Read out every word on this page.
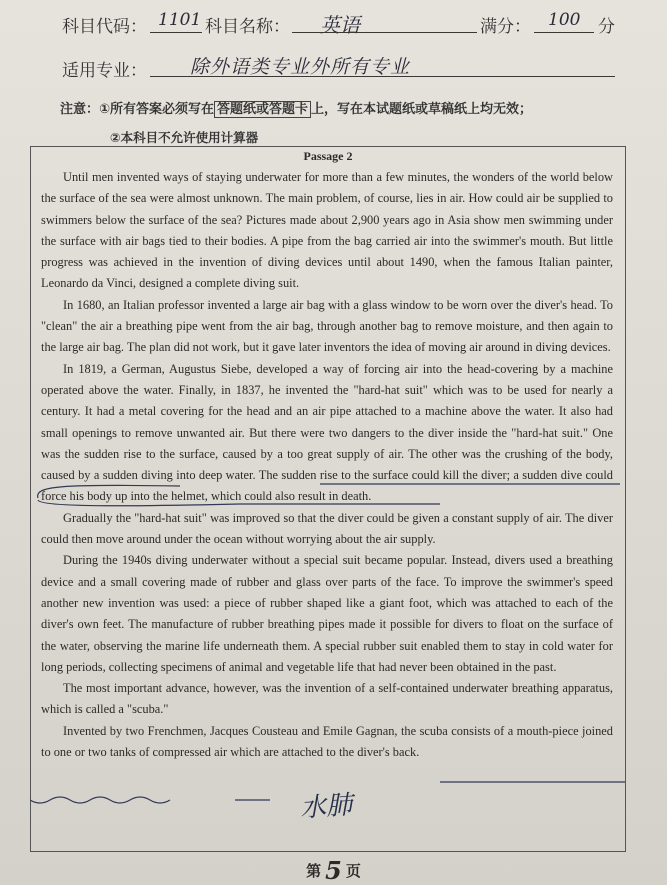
科目代码： 1101 科目名称： 英语	满分： 100 分
适用专业： 除外语类专业外所有专业
注意：①所有答案必须写在 答题纸或答题卡 上，写在本试题纸或草稿纸上均无效；
②本科目不允许使用计算器
Passage 2

Until men invented ways of staying underwater for more than a few minutes, the wonders of the world below the surface of the sea were almost unknown. The main problem, of course, lies in air. How could air be supplied to swimmers below the surface of the sea? Pictures made about 2,900 years ago in Asia show men swimming under the surface with air bags tied to their bodies. A pipe from the bag carried air into the swimmer's mouth. But little progress was achieved in the invention of diving devices until about 1490, when the famous Italian painter, Leonardo da Vinci, designed a complete diving suit.

In 1680, an Italian professor invented a large air bag with a glass window to be worn over the diver's head. To "clean" the air a breathing pipe went from the air bag, through another bag to remove moisture, and then again to the large air bag. The plan did not work, but it gave later inventors the idea of moving air around in diving devices.

In 1819, a German, Augustus Siebe, developed a way of forcing air into the head-covering by a machine operated above the water. Finally, in 1837, he invented the "hard-hat suit" which was to be used for nearly a century. It had a metal covering for the head and an air pipe attached to a machine above the water. It also had small openings to remove unwanted air. But there were two dangers to the diver inside the "hard-hat suit." One was the sudden rise to the surface, caused by a too great supply of air. The other was the crushing of the body, caused by a sudden diving into deep water. The sudden rise to the surface could kill the diver; a sudden dive could force his body up into the helmet, which could also result in death.

Gradually the "hard-hat suit" was improved so that the diver could be given a constant supply of air. The diver could then move around under the ocean without worrying about the air supply.

During the 1940s diving underwater without a special suit became popular. Instead, divers used a breathing device and a small covering made of rubber and glass over parts of the face. To improve the swimmer's speed another new invention was used: a piece of rubber shaped like a giant foot, which was attached to each of the diver's own feet. The manufacture of rubber breathing pipes made it possible for divers to float on the surface of the water, observing the marine life underneath them. A special rubber suit enabled them to stay in cold water for long periods, collecting specimens of animal and vegetable life that had never been obtained in the past.

The most important advance, however, was the invention of a self-contained underwater breathing apparatus, which is called a "scuba."

Invented by two Frenchmen, Jacques Cousteau and Emile Gagnan, the scuba consists of a mouth-piece joined to one or two tanks of compressed air which are attached to the diver's back.

水肺
第 5 页
